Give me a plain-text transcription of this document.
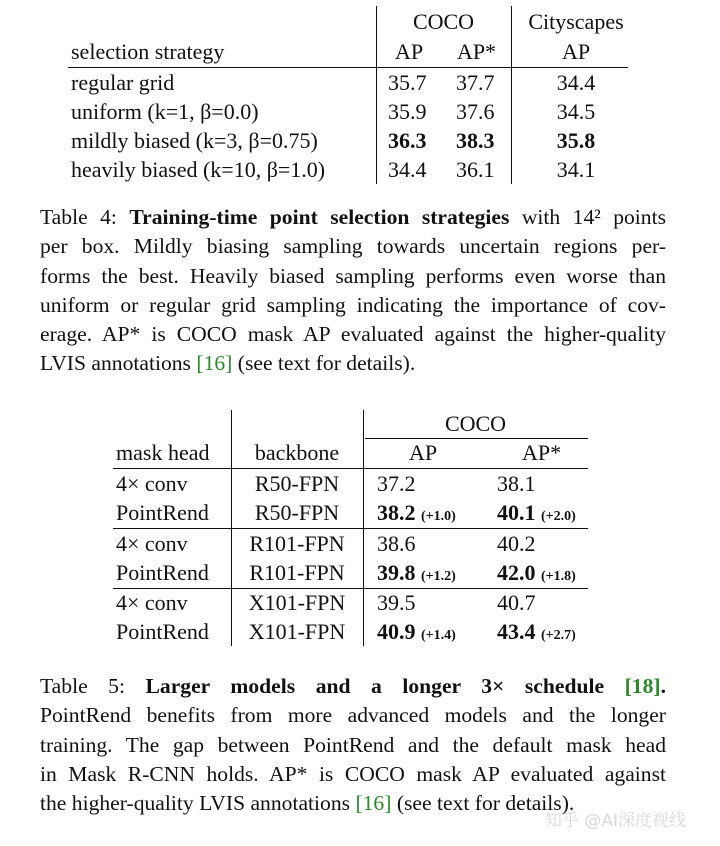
COCO	Cityscapes
selection strategy	AP	AP*	AP
regular grid	35.7 37.7	34.4
uniform (k=1, β=0.0)	35.9 37.6	34.5
mildly biased (k=3, β=0.75)	36.3 38.3	35.8
heavily biased (k=10, β=1.0)	34.4 36.1	34.1
Table 4: Training-time point selection strategies with 14² points
per box. Mildly biasing sampling towards uncertain regions per-
forms the best. Heavily biased sampling performs even worse than
uniform or regular grid sampling indicating the importance of cov-
erage. AP* is COCO mask AP evaluated against the higher-quality
LVIS annotations [16] (see text for details).
COCO
mask head	backbone	AP	AP*
4× conv	R50-FPN	37.2	38.1
PointRend	R50-FPN	38.2 (+1.0) 40.1 (+2.0)
4× conv	R101-FPN	38.6	40.2
PointRend	R101-FPN	39.8 (+1.2) 42.0 (+1.8)
4× conv	X101-FPN	39.5	40.7
PointRend	X101-FPN	40.9 (+1.4) 43.4 (+2.7)
Table 5: Larger models and a longer 3× schedule [18].
PointRend benefits from more advanced models and the longer
training. The gap between PointRend and the default mask head
in Mask R-CNN holds. AP* is COCO mask AP evaluated against
the higher-quality LVIS annotations [16] (see text for details).
知乎 @AI深度视线
